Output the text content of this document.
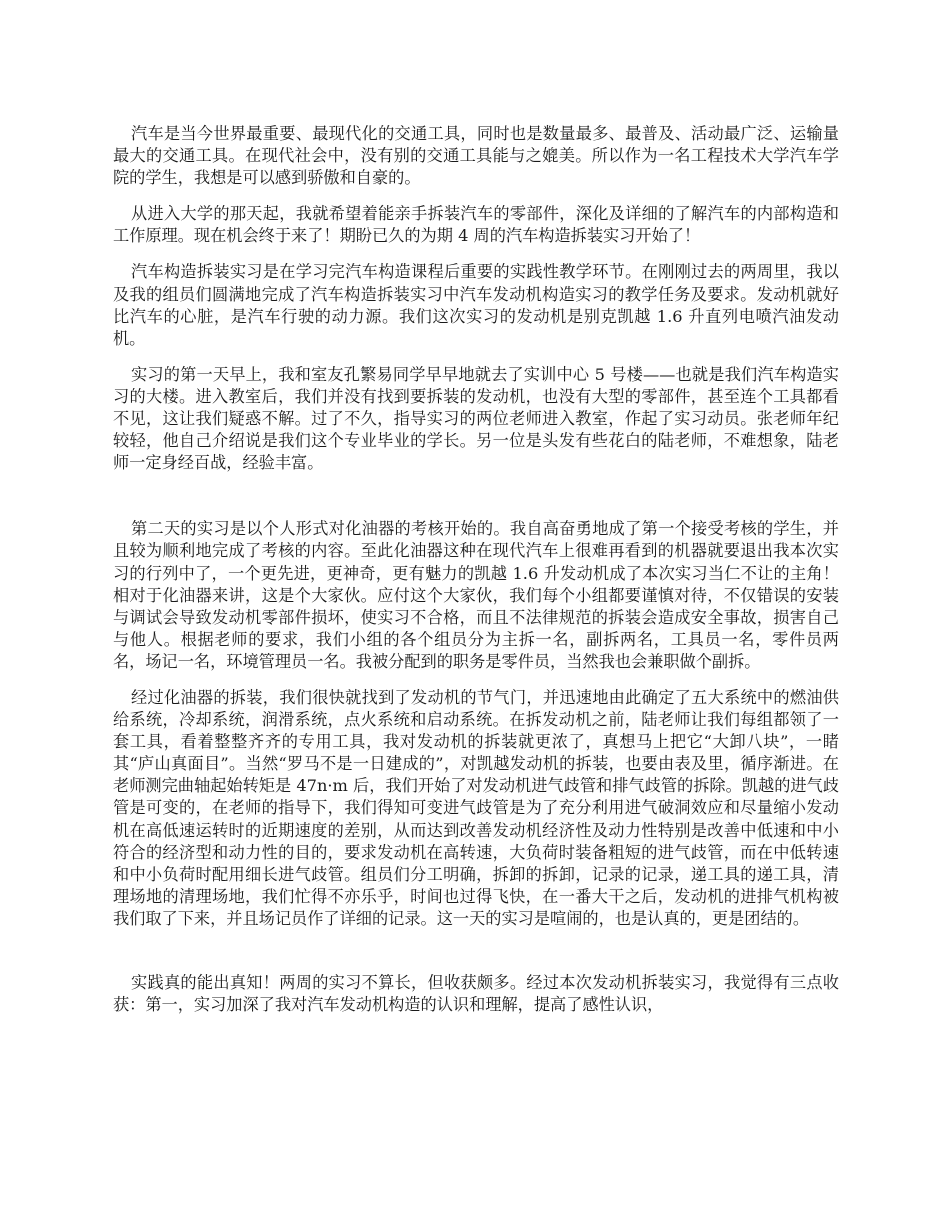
汽车是当今世界最重要、最现代化的交通工具，同时也是数量最多、最普及、活动最广泛、运输量最大的交通工具。在现代社会中，没有别的交通工具能与之媲美。所以作为一名工程技术大学汽车学院的学生，我想是可以感到骄傲和自豪的。

从进入大学的那天起，我就希望着能亲手拆装汽车的零部件，深化及详细的了解汽车的内部构造和工作原理。现在机会终于来了！期盼已久的为期 4 周的汽车构造拆装实习开始了！

汽车构造拆装实习是在学习完汽车构造课程后重要的实践性教学环节。在刚刚过去的两周里，我以及我的组员们圆满地完成了汽车构造拆装实习中汽车发动机构造实习的教学任务及要求。发动机就好比汽车的心脏，是汽车行驶的动力源。我们这次实习的发动机是别克凯越 1.6 升直列电喷汽油发动机。

实习的第一天早上，我和室友孔繁易同学早早地就去了实训中心 5 号楼——也就是我们汽车构造实习的大楼。进入教室后，我们并没有找到要拆装的发动机，也没有大型的零部件，甚至连个工具都看不见，这让我们疑惑不解。过了不久，指导实习的两位老师进入教室，作起了实习动员。张老师年纪较轻，他自己介绍说是我们这个专业毕业的学长。另一位是头发有些花白的陆老师，不难想象，陆老师一定身经百战，经验丰富。

第二天的实习是以个人形式对化油器的考核开始的。我自高奋勇地成了第一个接受考核的学生，并且较为顺利地完成了考核的内容。至此化油器这种在现代汽车上很难再看到的机器就要退出我本次实习的行列中了，一个更先进，更神奇，更有魅力的凯越 1.6 升发动机成了本次实习当仁不让的主角！相对于化油器来讲，这是个大家伙。应付这个大家伙，我们每个小组都要谨慎对待，不仅错误的安装与调试会导致发动机零部件损坏，使实习不合格，而且不法律规范的拆装会造成安全事故，损害自己与他人。根据老师的要求，我们小组的各个组员分为主拆一名，副拆两名，工具员一名，零件员两名，场记一名，环境管理员一名。我被分配到的职务是零件员，当然我也会兼职做个副拆。

经过化油器的拆装，我们很快就找到了发动机的节气门，并迅速地由此确定了五大系统中的燃油供给系统，冷却系统，润滑系统，点火系统和启动系统。在拆发动机之前，陆老师让我们每组都领了一套工具，看着整整齐齐的专用工具，我对发动机的拆装就更浓了，真想马上把它“大卸八块”，一睹其“庐山真面目”。当然“罗马不是一日建成的”，对凯越发动机的拆装，也要由表及里，循序渐进。在老师测完曲轴起始转矩是 47n·m 后，我们开始了对发动机进气歧管和排气歧管的拆除。凯越的进气歧管是可变的，在老师的指导下，我们得知可变进气歧管是为了充分利用进气破洞效应和尽量缩小发动机在高低速运转时的近期速度的差别，从而达到改善发动机经济性及动力性特别是改善中低速和中小符合的经济型和动力性的目的，要求发动机在高转速，大负荷时装备粗短的进气歧管，而在中低转速和中小负荷时配用细长进气歧管。组员们分工明确，拆卸的拆卸，记录的记录，递工具的递工具，清理场地的清理场地，我们忙得不亦乐乎，时间也过得飞快，在一番大干之后，发动机的进排气机构被我们取了下来，并且场记员作了详细的记录。这一天的实习是喧闹的，也是认真的，更是团结的。

实践真的能出真知！两周的实习不算长，但收获颇多。经过本次发动机拆装实习，我觉得有三点收获：第一，实习加深了我对汽车发动机构造的认识和理解，提高了感性认识，
